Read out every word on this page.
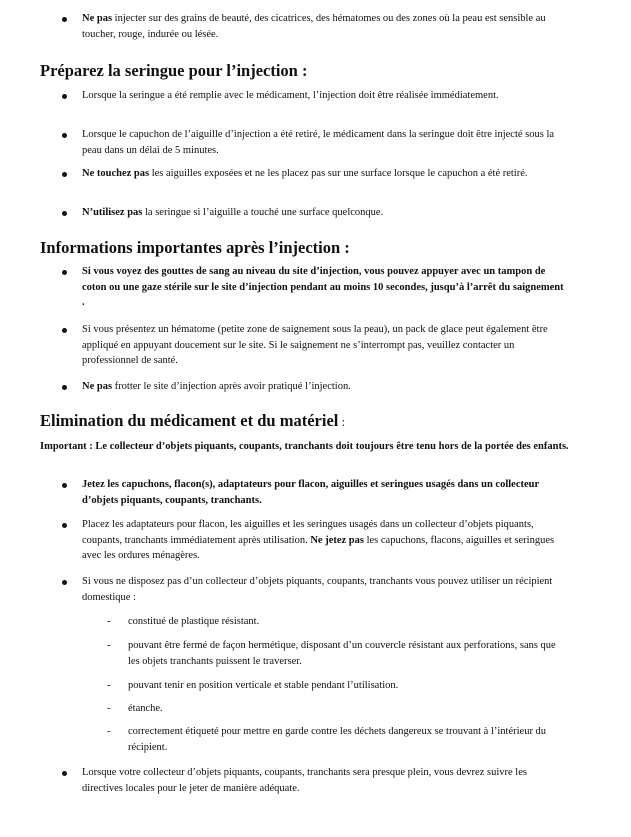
Ne pas injecter sur des grains de beauté, des cicatrices, des hématomes ou des zones où la peau est sensible au toucher, rouge, indurée ou lésée.

Préparez la seringue pour l’injection :

Lorsque la seringue a été remplie avec le médicament, l’injection doit être réalisée immédiatement.

Lorsque le capuchon de l’aiguille d’injection a été retiré, le médicament dans la seringue doit être injecté sous la peau dans un délai de 5 minutes.

Ne touchez pas les aiguilles exposées et ne les placez pas sur une surface lorsque le capuchon a été retiré.

N’utilisez pas la seringue si l’aiguille a touché une surface quelconque.

Informations importantes après l’injection :

Si vous voyez des gouttes de sang au niveau du site d’injection, vous pouvez appuyer avec un tampon de coton ou une gaze stérile sur le site d’injection pendant au moins 10 secondes, jusqu’à l’arrêt du saignement .

Si vous présentez un hématome (petite zone de saignement sous la peau), un pack de glace peut également être appliqué en appuyant doucement sur le site. Si le saignement ne s’interrompt pas, veuillez contacter un professionnel de santé.

Ne pas frotter le site d’injection après avoir pratiqué l’injection.

Elimination du médicament et du matériel :

Important : Le collecteur d’objets piquants, coupants, tranchants doit toujours être tenu hors de la portée des enfants.

Jetez les capuchons, flacon(s), adaptateurs pour flacon, aiguilles et seringues usagés dans un collecteur d’objets piquants, coupants, tranchants.

Placez les adaptateurs pour flacon, les aiguilles et les seringues usagés dans un collecteur d’objets piquants, coupants, tranchants immédiatement après utilisation. Ne jetez pas les capuchons, flacons, aiguilles et seringues avec les ordures ménagères.

Si vous ne disposez pas d’un collecteur d’objets piquants, coupants, tranchants vous pouvez utiliser un récipient domestique :

- constitué de plastique résistant.

- pouvant être fermé de façon hermétique, disposant d’un couvercle résistant aux perforations, sans que les objets tranchants puissent le traverser.

- pouvant tenir en position verticale et stable pendant l’utilisation.

- étanche.

- correctement étiqueté pour mettre en garde contre les déchets dangereux se trouvant à l’intérieur du récipient.

Lorsque votre collecteur d’objets piquants, coupants, tranchants sera presque plein, vous devrez suivre les directives locales pour le jeter de manière adéquate.
